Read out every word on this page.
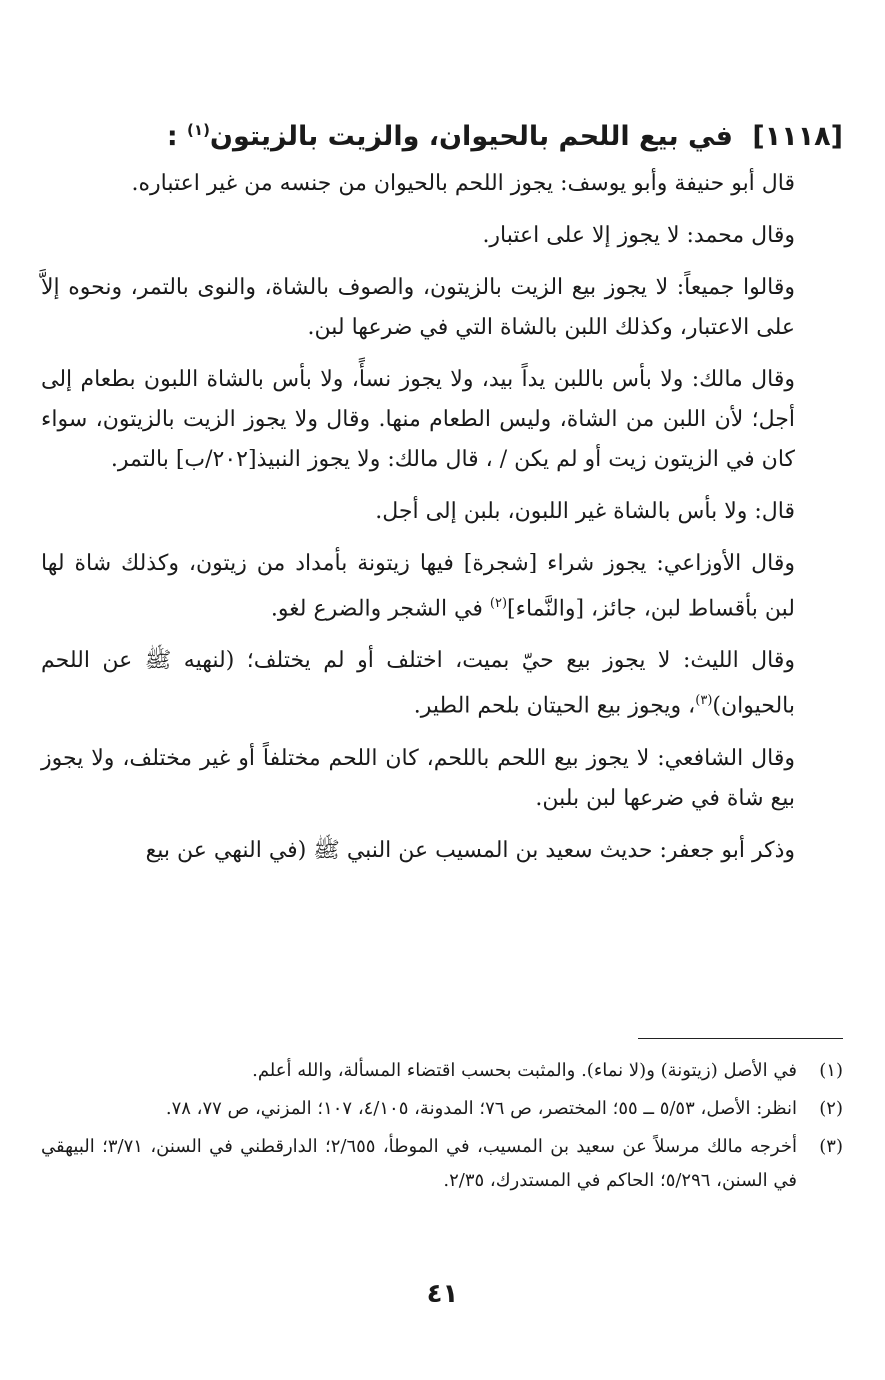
[١١١٨] في بيع اللحم بالحيوان، والزيت بالزيتون$^{(١)}$ :

قال أبو حنيفة وأبو يوسف: يجوز اللحم بالحيوان من جنسه من غير اعتباره.

وقال محمد: لا يجوز إلا على اعتبار.

وقالوا جميعاً: لا يجوز بيع الزيت بالزيتون، والصوف بالشاة، والنوى بالتمر، ونحوه إلاَّ على الاعتبار، وكذلك اللبن بالشاة التي في ضرعها لبن.

وقال مالك: ولا بأس باللبن يداً بيد، ولا يجوز نسأً، ولا بأس بالشاة اللبون بطعام إلى أجل؛ لأن اللبن من الشاة، وليس الطعام منها. وقال ولا يجوز الزيت بالزيتون، سواء كان في الزيتون زيت أو لم يكن / ، قال مالك: ولا يجوز النبيذ[٢٠٢/ب] بالتمر.

قال: ولا بأس بالشاة غير اللبون، بلبن إلى أجل.

وقال الأوزاعي: يجوز شراء [شجرة] فيها زيتونة بأمداد من زيتون، وكذلك شاة لها لبن بأقساط لبن، جائز، [والنَّماء]$^{(٢)}$ في الشجر والضرع لغو.

وقال الليث: لا يجوز بيع حيّ بميت، اختلف أو لم يختلف؛ (لنهيه ﷺ عن اللحم بالحيوان)$^{(٣)}$، ويجوز بيع الحيتان بلحم الطير.

وقال الشافعي: لا يجوز بيع اللحم باللحم، كان اللحم مختلفاً أو غير مختلف، ولا يجوز بيع شاة في ضرعها لبن بلبن.

وذكر أبو جعفر: حديث سعيد بن المسيب عن النبي ﷺ (في النهي عن بيع

(١)
في الأصل (زيتونة) و(لا نماء). والمثبت بحسب اقتضاء المسألة، والله أعلم.
(٢)
انظر: الأصل، ٥/٥٣ ــ ٥٥؛ المختصر، ص ٧٦؛ المدونة، ٤/١٠٥، ١٠٧؛ المزني، ص ٧٧، ٧٨.
(٣)
أخرجه مالك مرسلاً عن سعيد بن المسيب، في الموطأ، ٢/٦٥٥؛ الدارقطني في السنن، ٣/٧١؛ البيهقي في السنن، ٥/٢٩٦؛ الحاكم في المستدرك، ٢/٣٥.
٤١
